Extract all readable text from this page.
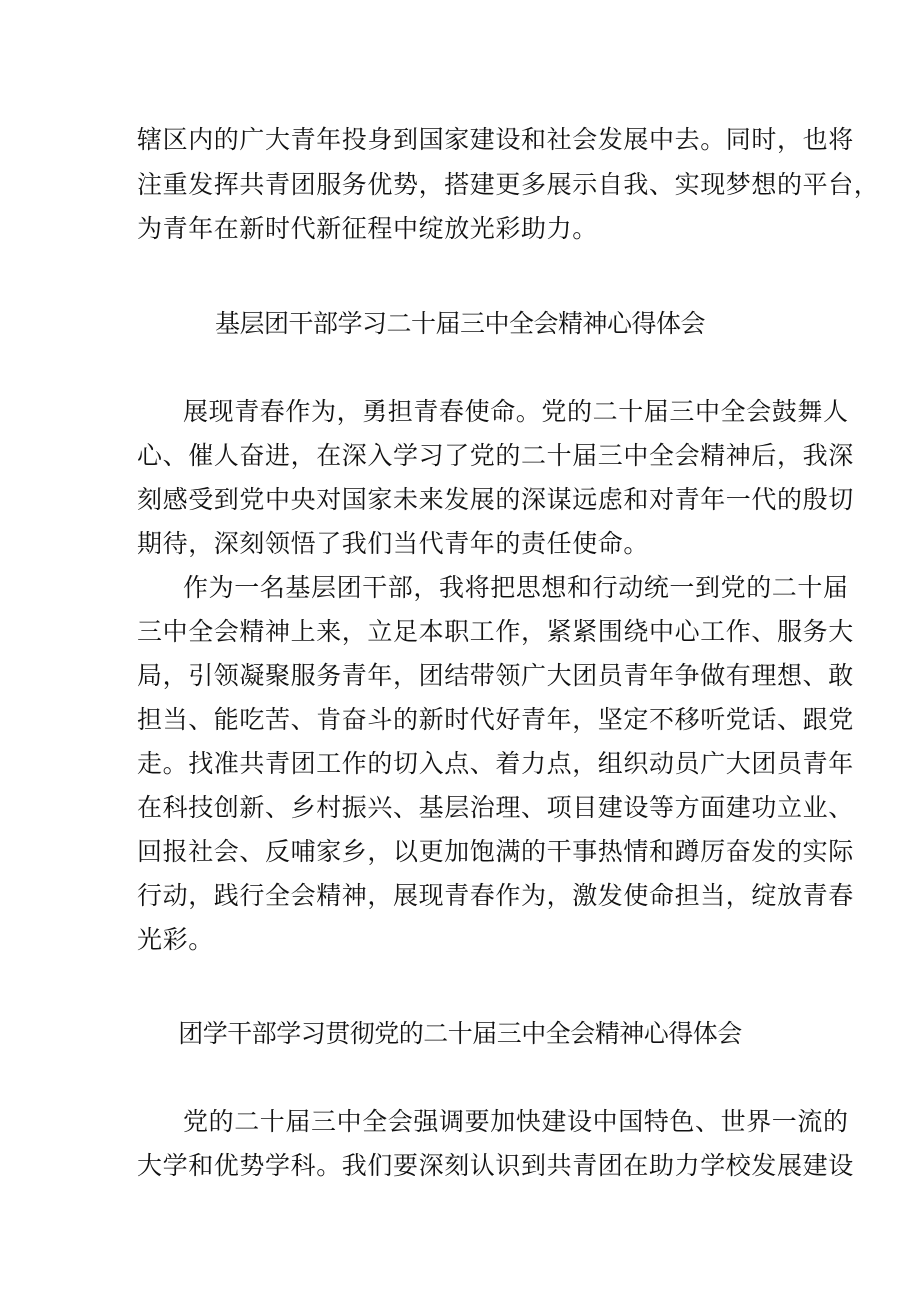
辖区内的广大青年投身到国家建设和社会发展中去。同时，也将
注重发挥共青团服务优势，搭建更多展示自我、实现梦想的平台，
为青年在新时代新征程中绽放光彩助力。
基层团干部学习二十届三中全会精神心得体会
展现青春作为，勇担青春使命。党的二十届三中全会鼓舞人
心、催人奋进，在深入学习了党的二十届三中全会精神后，我深
刻感受到党中央对国家未来发展的深谋远虑和对青年一代的殷切
期待，深刻领悟了我们当代青年的责任使命。
作为一名基层团干部，我将把思想和行动统一到党的二十届
三中全会精神上来，立足本职工作，紧紧围绕中心工作、服务大
局，引领凝聚服务青年，团结带领广大团员青年争做有理想、敢
担当、能吃苦、肯奋斗的新时代好青年，坚定不移听党话、跟党
走。找准共青团工作的切入点、着力点，组织动员广大团员青年
在科技创新、乡村振兴、基层治理、项目建设等方面建功立业、
回报社会、反哺家乡，以更加饱满的干事热情和蹲厉奋发的实际
行动，践行全会精神，展现青春作为，激发使命担当，绽放青春
光彩。
团学干部学习贯彻党的二十届三中全会精神心得体会
党的二十届三中全会强调要加快建设中国特色、世界一流的
大学和优势学科。我们要深刻认识到共青团在助力学校发展建设
